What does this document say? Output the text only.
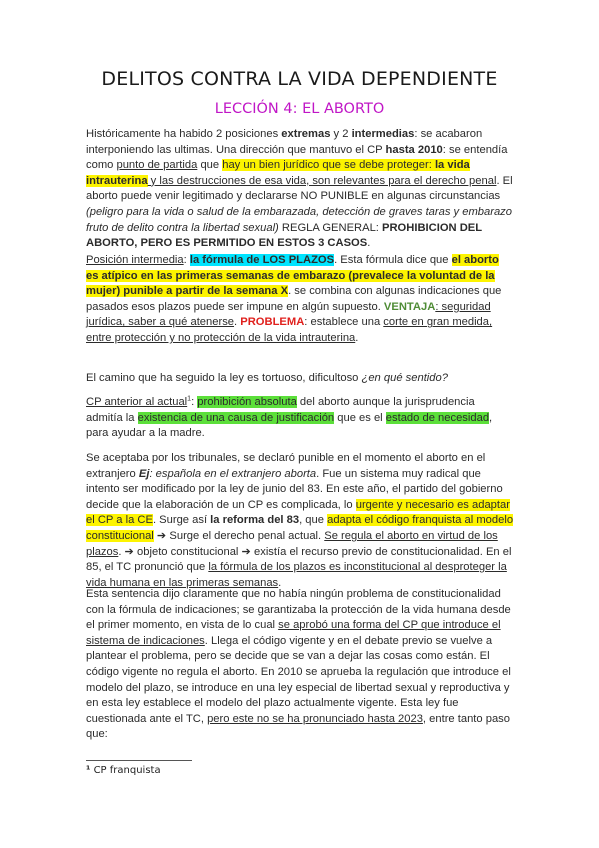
DELITOS CONTRA LA VIDA DEPENDIENTE
LECCIÓN 4: EL ABORTO

Históricamente ha habido 2 posiciones extremas y 2 intermedias: se acabaron interponiendo las ultimas. Una dirección que mantuvo el CP hasta 2010: se entendía como punto de partida que hay un bien jurídico que se debe proteger: la vida intrauterina y las destrucciones de esa vida, son relevantes para el derecho penal. El aborto puede venir legitimado y declararse NO PUNIBLE en algunas circunstancias (peligro para la vida o salud de la embarazada, detección de graves taras y embarazo fruto de delito contra la libertad sexual) REGLA GENERAL: PROHIBICION DEL ABORTO, PERO ES PERMITIDO EN ESTOS 3 CASOS.

Posición intermedia: la fórmula de LOS PLAZOS. Esta fórmula dice que el aborto es atípico en las primeras semanas de embarazo (prevalece la voluntad de la mujer) punible a partir de la semana X. se combina con algunas indicaciones que pasados esos plazos puede ser impune en algún supuesto. VENTAJA: seguridad jurídica, saber a qué atenerse. PROBLEMA: establece una corte en gran medida, entre protección y no protección de la vida intrauterina.

El camino que ha seguido la ley es tortuoso, dificultoso ¿en qué sentido?

CP anterior al actual$^1$: prohibición absoluta del aborto aunque la jurisprudencia admitía la existencia de una causa de justificación que es el estado de necesidad, para ayudar a la madre.

Se aceptaba por los tribunales, se declaró punible en el momento el aborto en el extranjero Ej: española en el extranjero aborta. Fue un sistema muy radical que intento ser modificado por la ley de junio del 83. En este año, el partido del gobierno decide que la elaboración de un CP es complicada, lo urgente y necesario es adaptar el CP a la CE. Surge así la reforma del 83, que adapta el código franquista al modelo constitucional ➔ Surge el derecho penal actual. Se regula el aborto en virtud de los plazos. ➔ objeto constitucional ➔ existía el recurso previo de constitucionalidad. En el 85, el TC pronunció que la fórmula de los plazos es inconstitucional al desproteger la vida humana en las primeras semanas.

Esta sentencia dijo claramente que no había ningún problema de constitucionalidad con la fórmula de indicaciones; se garantizaba la protección de la vida humana desde el primer momento, en vista de lo cual se aprobó una forma del CP que introduce el sistema de indicaciones. Llega el código vigente y en el debate previo se vuelve a plantear el problema, pero se decide que se van a dejar las cosas como están. El código vigente no regula el aborto. En 2010 se aprueba la regulación que introduce el modelo del plazo, se introduce en una ley especial de libertad sexual y reproductiva y en esta ley establece el modelo del plazo actualmente vigente. Esta ley fue cuestionada ante el TC, pero este no se ha pronunciado hasta 2023, entre tanto paso que:

¹ CP franquista
